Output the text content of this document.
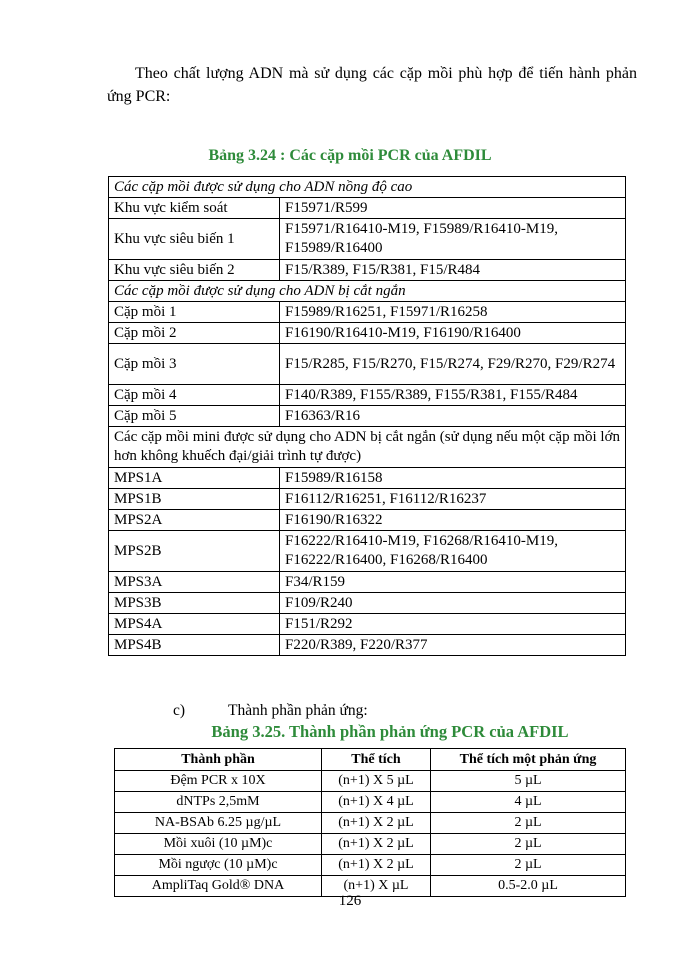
Theo chất lượng ADN mà sử dụng các cặp mồi phù hợp để tiến hành phản ứng PCR:

Bảng 3.24 : Các cặp mồi PCR của AFDIL

Các cặp mồi được sử dụng cho ADN nồng độ cao	
Khu vực kiểm soát	F15971/R599
Khu vực siêu biến 1	F15971/R16410-M19, F15989/R16410-M19, F15989/R16400
Khu vực siêu biến 2	F15/R389, F15/R381, F15/R484
Các cặp mồi được sử dụng cho ADN bị cắt ngắn	
Cặp mồi 1	F15989/R16251, F15971/R16258
Cặp mồi 2	F16190/R16410-M19, F16190/R16400
Cặp mồi 3	F15/R285, F15/R270, F15/R274, F29/R270, F29/R274
Cặp mồi 4	F140/R389, F155/R389, F155/R381, F155/R484
Cặp mồi 5	F16363/R16
Các cặp mồi mini được sử dụng cho ADN bị cắt ngắn (sử dụng nếu một cặp mồi lớn hơn không khuếch đại/giải trình tự được)	
MPS1A	F15989/R16158
MPS1B	F16112/R16251, F16112/R16237
MPS2A	F16190/R16322
MPS2B	F16222/R16410-M19, F16268/R16410-M19, F16222/R16400, F16268/R16400
MPS3A	F34/R159
MPS3B	F109/R240
MPS4A	F151/R292
MPS4B	F220/R389, F220/R377

c)	Thành phần phản ứng:

Bảng 3.25. Thành phần phản ứng PCR của AFDIL

Thành phần	Thể tích	Thể tích một phản ứng
Đệm PCR x 10X	(n+1) X 5 µL	5 µL
dNTPs 2,5mM	(n+1) X 4 µL	4 µL
NA-BSAb 6.25 µg/µL	(n+1) X 2 µL	2 µL
Mồi xuôi (10 µM)c	(n+1) X 2 µL	2 µL
Mồi ngược (10 µM)c	(n+1) X 2 µL	2 µL
AmpliTaq Gold® DNA	(n+1) X µL	0.5-2.0 µL
126
